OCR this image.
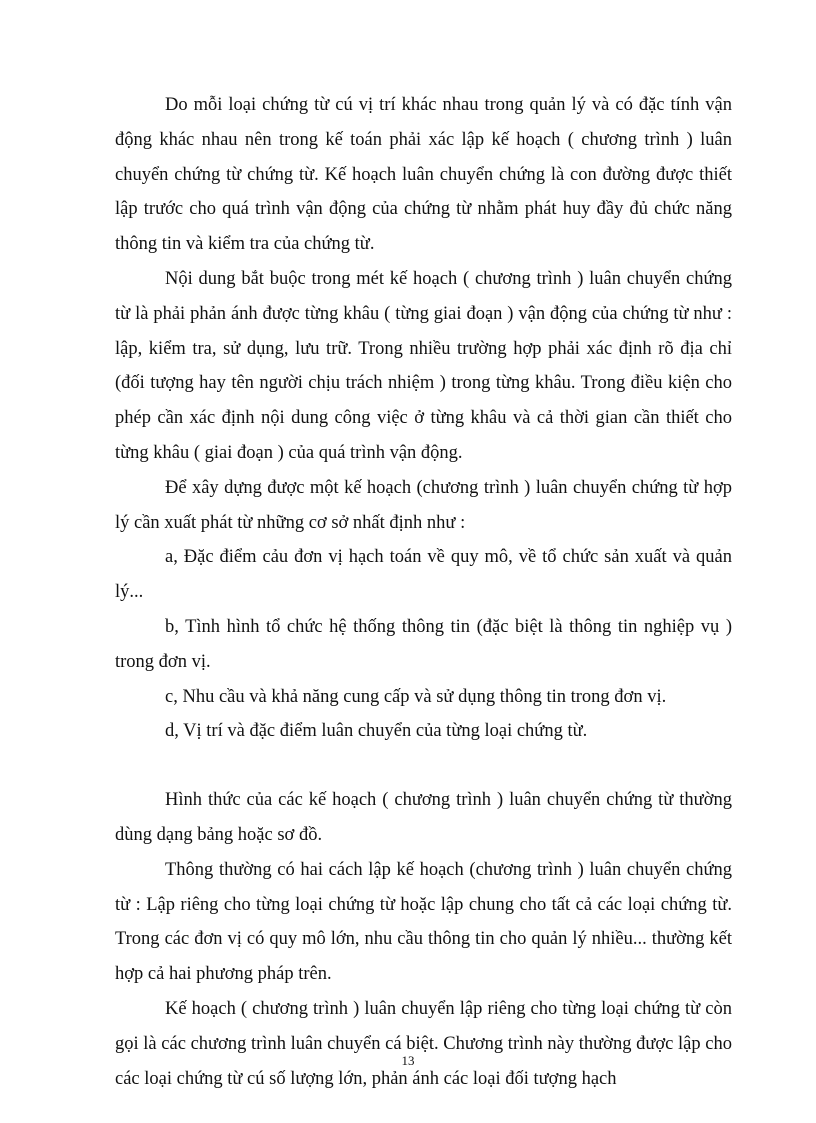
Do mỗi loại chứng từ cú vị trí khác nhau trong quản lý và có đặc tính vận động khác nhau nên trong kế toán phải xác lập kế hoạch ( chương trình ) luân chuyển chứng từ chứng từ. Kế hoạch luân chuyển chứng là con đường được thiết lập trước cho quá trình vận động của chứng từ nhằm phát huy đầy đủ chức năng thông tin và kiểm tra của chứng từ.

Nội dung bắt buộc trong mét kế hoạch ( chương trình ) luân chuyển chứng từ là phải phản ánh được từng khâu ( từng giai đoạn ) vận động của chứng từ như : lập, kiểm tra, sử dụng, lưu trữ. Trong nhiều trường hợp phải xác định rõ địa chỉ (đối tượng hay tên người chịu trách nhiệm ) trong từng khâu. Trong điều kiện cho phép cần xác định nội dung công việc ở từng khâu và cả thời gian cần thiết cho từng khâu ( giai đoạn ) của quá trình vận động.

Để xây dựng được một kế hoạch (chương trình ) luân chuyển chứng từ hợp lý cần xuất phát từ những cơ sở nhất định như :

a, Đặc điểm cảu đơn vị hạch toán về quy mô, về tổ chức sản xuất và quản lý...

b, Tình hình tổ chức hệ thống thông tin (đặc biệt là thông tin nghiệp vụ ) trong đơn vị.

c, Nhu cầu và khả năng cung cấp và sử dụng thông tin trong đơn vị.

d, Vị trí và đặc điểm luân chuyển của từng loại chứng từ.

Hình thức của các kế hoạch ( chương trình ) luân chuyển chứng từ thường dùng dạng bảng hoặc sơ đồ.

Thông thường có hai cách lập kế hoạch (chương trình ) luân chuyển chứng từ : Lập riêng cho từng loại chứng từ hoặc lập chung cho tất cả các loại chứng từ. Trong các đơn vị có quy mô lớn, nhu cầu thông tin cho quản lý nhiều... thường kết hợp cả hai phương pháp trên.

Kế hoạch ( chương trình ) luân chuyển lập riêng cho từng loại chứng từ còn gọi là các chương trình luân chuyển cá biệt. Chương trình này thường được lập cho các loại chứng từ cú số lượng lớn, phản ánh các loại đối tượng hạch

13
